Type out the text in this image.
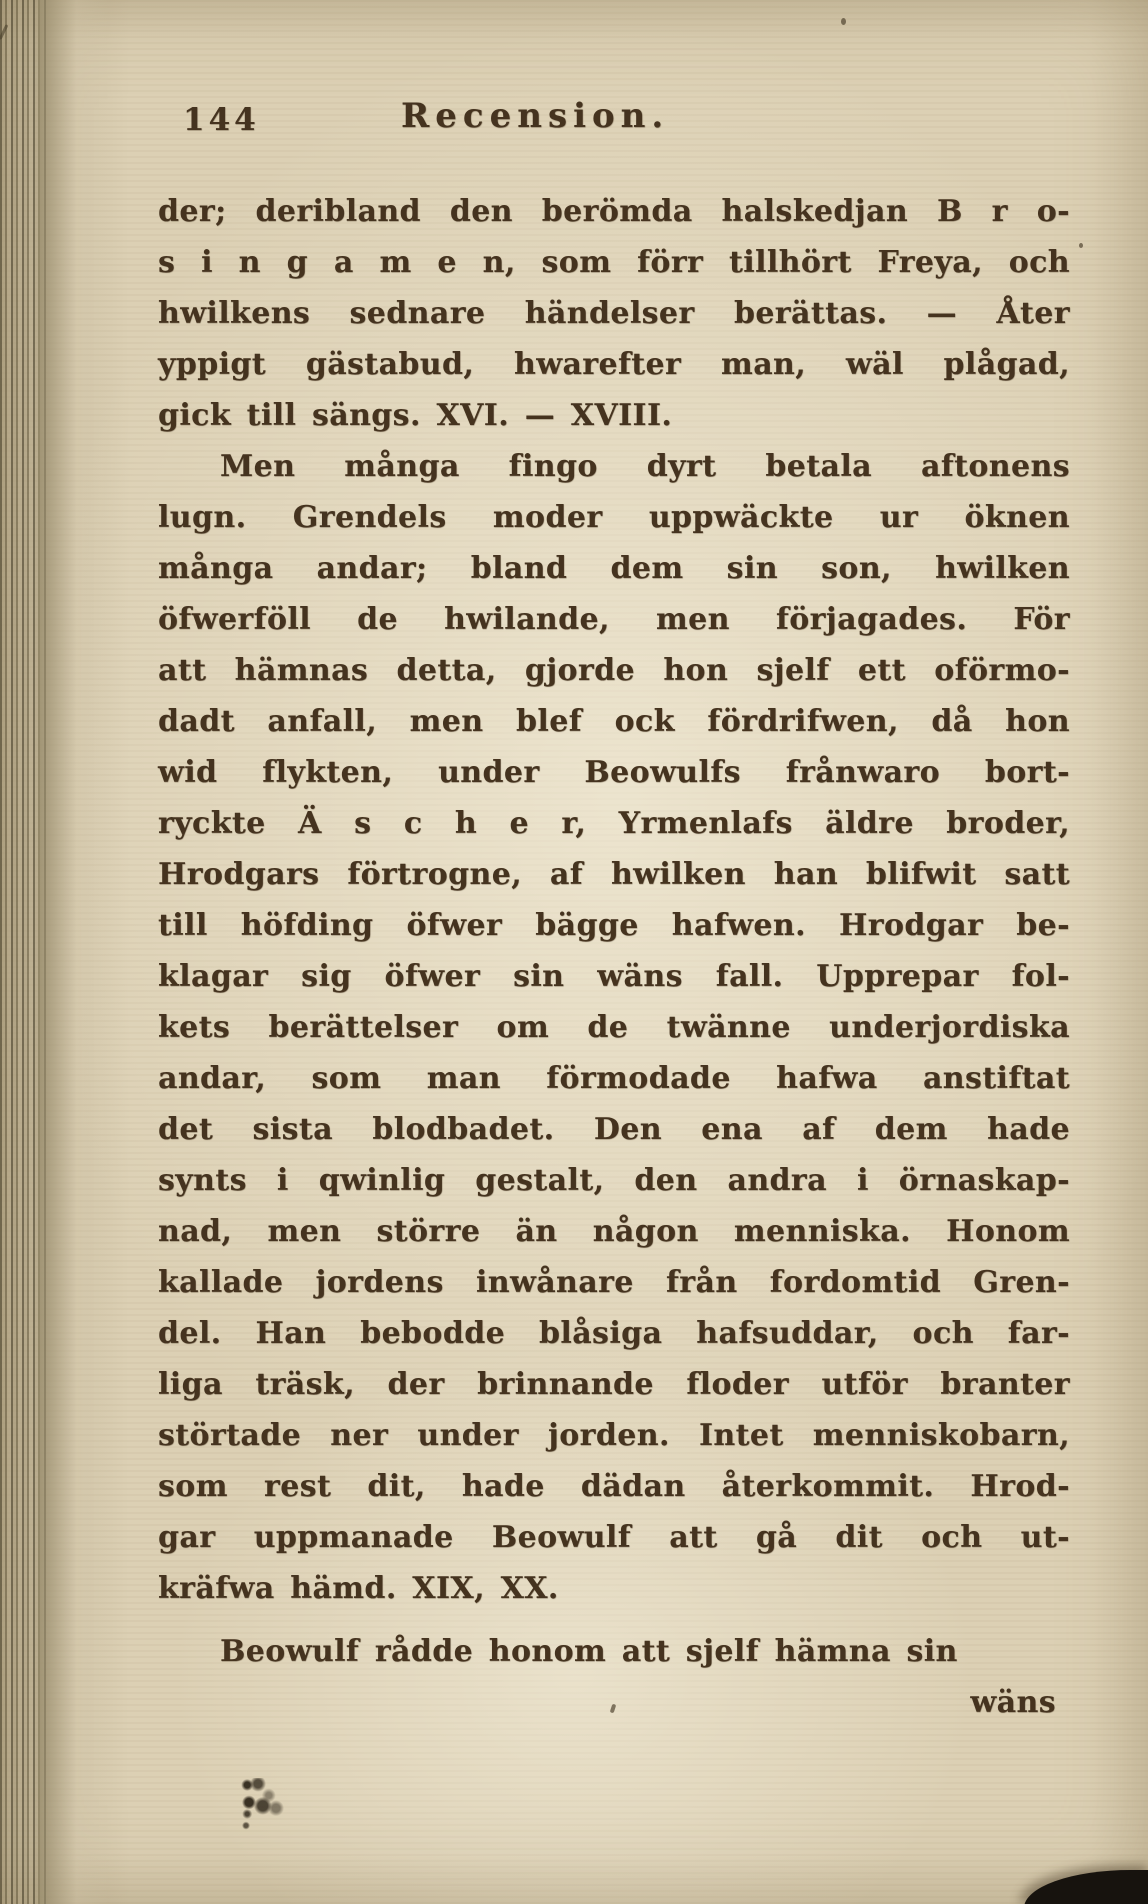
144	Recension.
der; deribland den berömda halskedjan B r o-
s i n g a m e n, som förr tillhört Freya, och
hwilkens sednare händelser berättas. — Åter
yppigt gästabud, hwarefter man, wäl plågad,
gick till sängs. XVI. — XVIII.
Men många fingo dyrt betala aftonens
lugn. Grendels moder uppwäckte ur öknen
många andar; bland dem sin son, hwilken
öfwerföll de hwilande, men förjagades. För
att hämnas detta, gjorde hon sjelf ett oförmo-
dadt anfall, men blef ock fördrifwen, då hon
wid flykten, under Beowulfs frånwaro bort-
ryckte Ä s c h e r, Yrmenlafs äldre broder,
Hrodgars förtrogne, af hwilken han blifwit satt
till höfding öfwer bägge hafwen. Hrodgar be-
klagar sig öfwer sin wäns fall. Upprepar fol-
kets berättelser om de twänne underjordiska
andar, som man förmodade hafwa anstiftat
det sista blodbadet. Den ena af dem hade
synts i qwinlig gestalt, den andra i örnaskap-
nad, men större än någon menniska. Honom
kallade jordens inwånare från fordomtid Gren-
del. Han bebodde blåsiga hafsuddar, och far-
liga träsk, der brinnande floder utför branter
störtade ner under jorden. Intet menniskobarn,
som rest dit, hade dädan återkommit. Hrod-
gar uppmanade Beowulf att gå dit och ut-
kräfwa hämd. XIX, XX.
Beowulf rådde honom att sjelf hämna sin
wäns
